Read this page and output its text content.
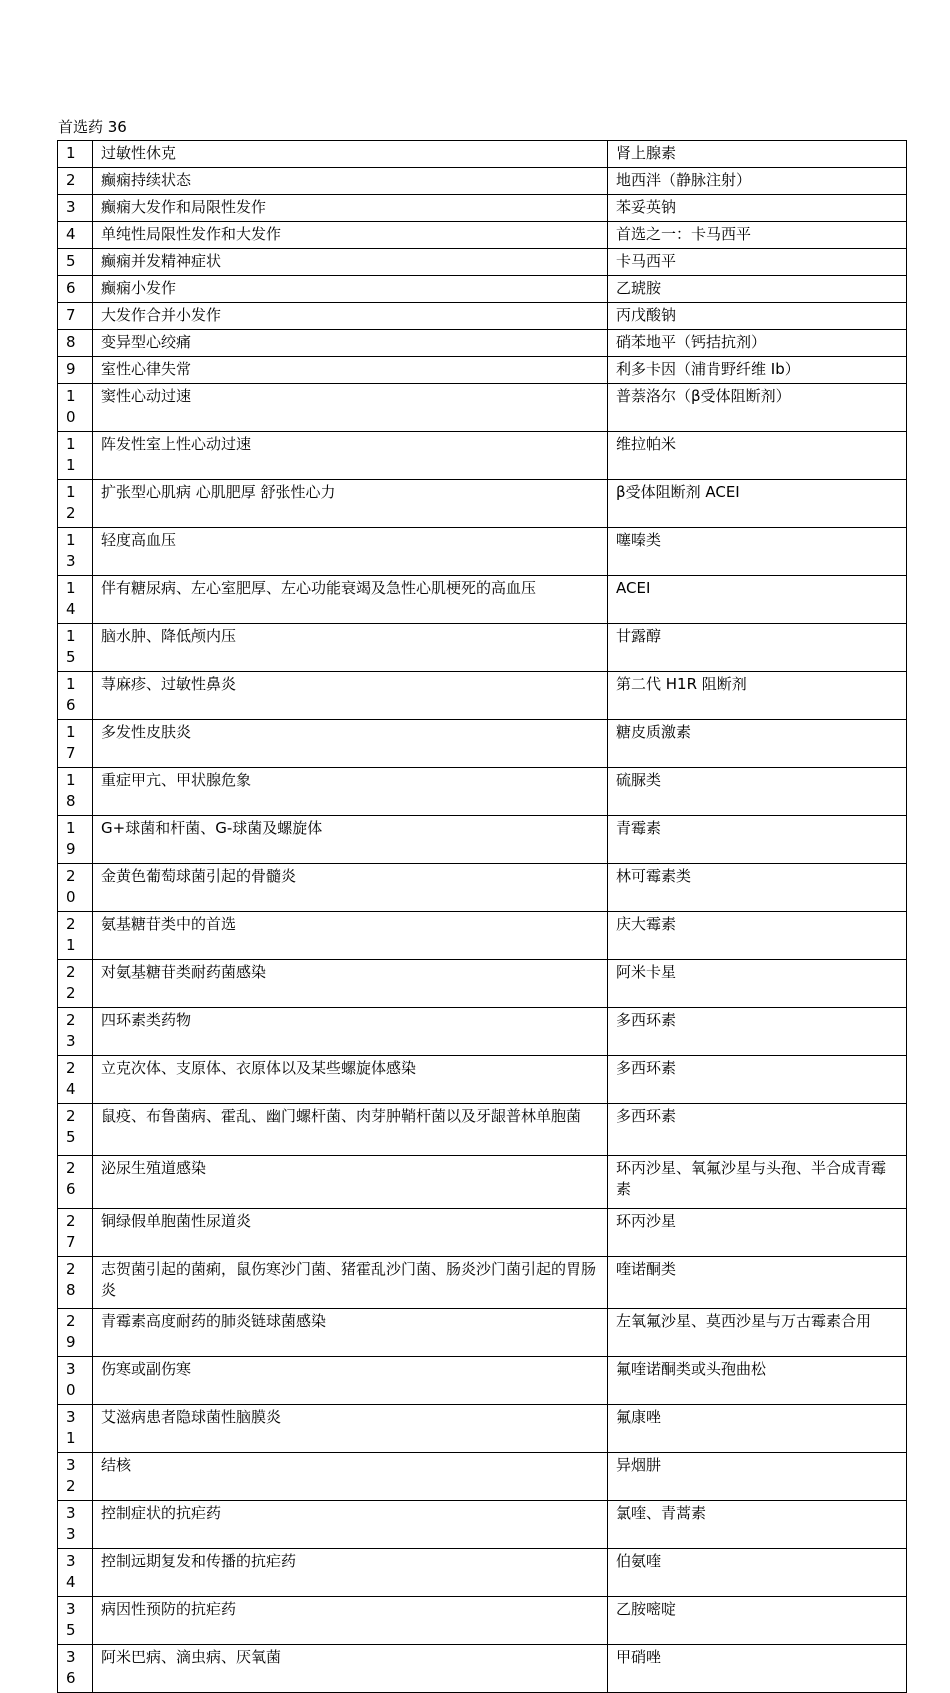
首选药 36
1	过敏性休克	肾上腺素
2	癫痫持续状态	地西泮（静脉注射）
3	癫痫大发作和局限性发作	苯妥英钠
4	单纯性局限性发作和大发作	首选之一：卡马西平
5	癫痫并发精神症状	卡马西平
6	癫痫小发作	乙琥胺
7	大发作合并小发作	丙戊酸钠
8	变异型心绞痛	硝苯地平（钙拮抗剂）
9	室性心律失常	利多卡因（浦肯野纤维 Ib）
10	窦性心动过速	普萘洛尔（β受体阻断剂）
11	阵发性室上性心动过速	维拉帕米
12	扩张型心肌病 心肌肥厚 舒张性心力	β受体阻断剂 ACEI
13	轻度高血压	噻嗪类
14	伴有糖尿病、左心室肥厚、左心功能衰竭及急性心肌梗死的高血压	ACEI
15	脑水肿、降低颅内压	甘露醇
16	荨麻疹、过敏性鼻炎	第二代 H1R 阻断剂
17	多发性皮肤炎	糖皮质激素
18	重症甲亢、甲状腺危象	硫脲类
19	G+球菌和杆菌、G-球菌及螺旋体	青霉素
20	金黄色葡萄球菌引起的骨髓炎	林可霉素类
21	氨基糖苷类中的首选	庆大霉素
22	对氨基糖苷类耐药菌感染	阿米卡星
23	四环素类药物	多西环素
24	立克次体、支原体、衣原体以及某些螺旋体感染	多西环素
25	鼠疫、布鲁菌病、霍乱、幽门螺杆菌、肉芽肿鞘杆菌以及牙龈普林单胞菌	多西环素
26	泌尿生殖道感染	环丙沙星、氧氟沙星与头孢、半合成青霉素
27	铜绿假单胞菌性尿道炎	环丙沙星
28	志贺菌引起的菌痢，鼠伤寒沙门菌、猪霍乱沙门菌、肠炎沙门菌引起的胃肠炎	喹诺酮类
29	青霉素高度耐药的肺炎链球菌感染	左氧氟沙星、莫西沙星与万古霉素合用
30	伤寒或副伤寒	氟喹诺酮类或头孢曲松
31	艾滋病患者隐球菌性脑膜炎	氟康唑
32	结核	异烟肼
33	控制症状的抗疟药	氯喹、青蒿素
34	控制远期复发和传播的抗疟药	伯氨喹
35	病因性预防的抗疟药	乙胺嘧啶
36	阿米巴病、滴虫病、厌氧菌	甲硝唑
